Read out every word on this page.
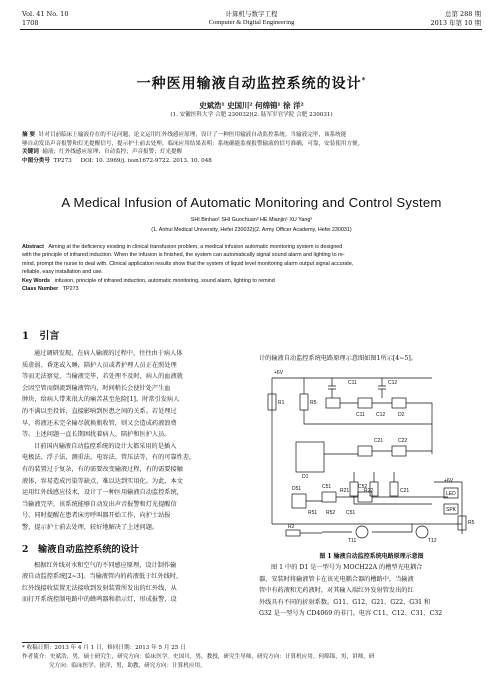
Vol. 41 No. 10
1708
计算机与数字工程
Computer & Digital Engineering
总第 288 期
2013 年第 10 期
一种医用输液自动监控系统的设计*
史斌浩¹ 史国川² 何绵锦¹ 徐 洋²
(1. 安徽医科大学 合肥 230032)(2. 陆军军官学院 合肥 230031)
摘 要 针对目前临床上输液存在的不足问题，论文运用红外线感应原理，设计了一种医用输液自动监控系统。当输液完毕，该系统能
够自动发出声音报警和灯光提醒信号，提示护士前去处理。临床应用结果表明：系统确能监视报警输液的信号准确，可靠，安装使用方便。
关键词 输液；红外线感应原理；自动监控；声音报警；灯光提醒
中图分类号 TP273 DOI: 10. 3969/j. issn1672-9722. 2013. 10. 048
A Medical Infusion of Automatic Monitoring and Control System
SHI Binhao¹ SHI Guochuan² HE Mianjin¹ XU Yang²
(1. Anhui Medical University, Hefei 230032)(2. Army Officer Academy, Hefei 230031)
Abstract Aiming at the deficiency existing in clinical transfusion problem, a medical infusion automatic monitoring system is designed
with the principle of infrared induction. When the infusion is finished, the system can automatically signal sound alarm and lighting to re-
mind, prompt the nurse to deal with. Clinical application results show that the system of liquid level monitoring alarm output signal accurate,
reliable, easy installation and use.
Key Words infusion, principle of infrared induction, automatic monitoring, sound alarm, lighting to remind
Class Number TP273
1 引言
通过调研发现，在病人输液的过程中，往往由于病人体
质虚弱、昏迷或入睡，陪护人员或者护理人员正在照处理
等而无法察觉，当输液完毕，若处理不及时，病人的血液就
会因空管而倒流到输液管内，时间稍长会使针处产生血
肿块，给病人带来很大的痛苦甚至危险[1]。时常引发病人
的不满以至投诉，直接影响到医患之间的关系。若处理过
早，将液还未完全输尽就换瓶收管，则又会造成药液浪费
等。上述问题一直长期困扰着病人、陪护和医护人员。
目前国内输液自动监控系统的设计大都采用的是插入
电极法、浮子法、测重法、电容法、管压法等，有的可靠性差，
有的装置过于复杂，有的需要改变输液过程，有的需要接触
液体，容易造成污染等缺点，难以达到实用化。为此，本文
运用红外线感应技术，设计了一种医用输液自动监控系统，
当输液完毕，该系统能够自动发出声音报警和灯光提醒信
号，同时提醒在患者床旁呼叫器开始工作，向护士站报
警，提示护士前去处理，较好地解决了上述问题。
2 输液自动监控系统的设计
根据红外线对水和空气的不同感应原理，设计制作输
液自动监控系统[2~3]。当输液管内的药液低于红外线时，
红外线接收装置无法接收到发射装置所发出的红外线，从
而打开系统控制电路中的蜂鸣器和指示灯，形成报警，设
计的输液自动监控系统电路原理示意图如图1所示[4~5]。
+6V
+6V
C11	C12
R1	R5
C11 C12	D2
C21	C22
D1
R21	R22	C21
D51	C51	C52
LED
SPK
R51 R52 C51
R5
R2
T11	T12
图 1 输液自动监控系统电路原理示意图
图 1 中的 D1 是一型号为 MOCH22A 的槽型光电耦合
器，安装时将输液管卡在该光电耦合器的槽路中，当输液
管中有药液和无药液时，对其输入端红外发射管发出的红
外线具有不同的折射系数。G11、G12、G21、G22、G31 和
G32 是一型号为 CD4069 的非门。电容 C11、C12、C31、C32
* 收稿日期：2013 年 4 月 1 日，修回日期：2013 年 5 月 25 日
作者简介：史斌浩，男，硕士研究生，研究方向：临床医学。史国川，男，教授，研究生导师，研究方向：计算机应用。何绵锦，男，讲师，研
究方向：临床医学。徐洋，男，助教，研究方向：计算机应用。
